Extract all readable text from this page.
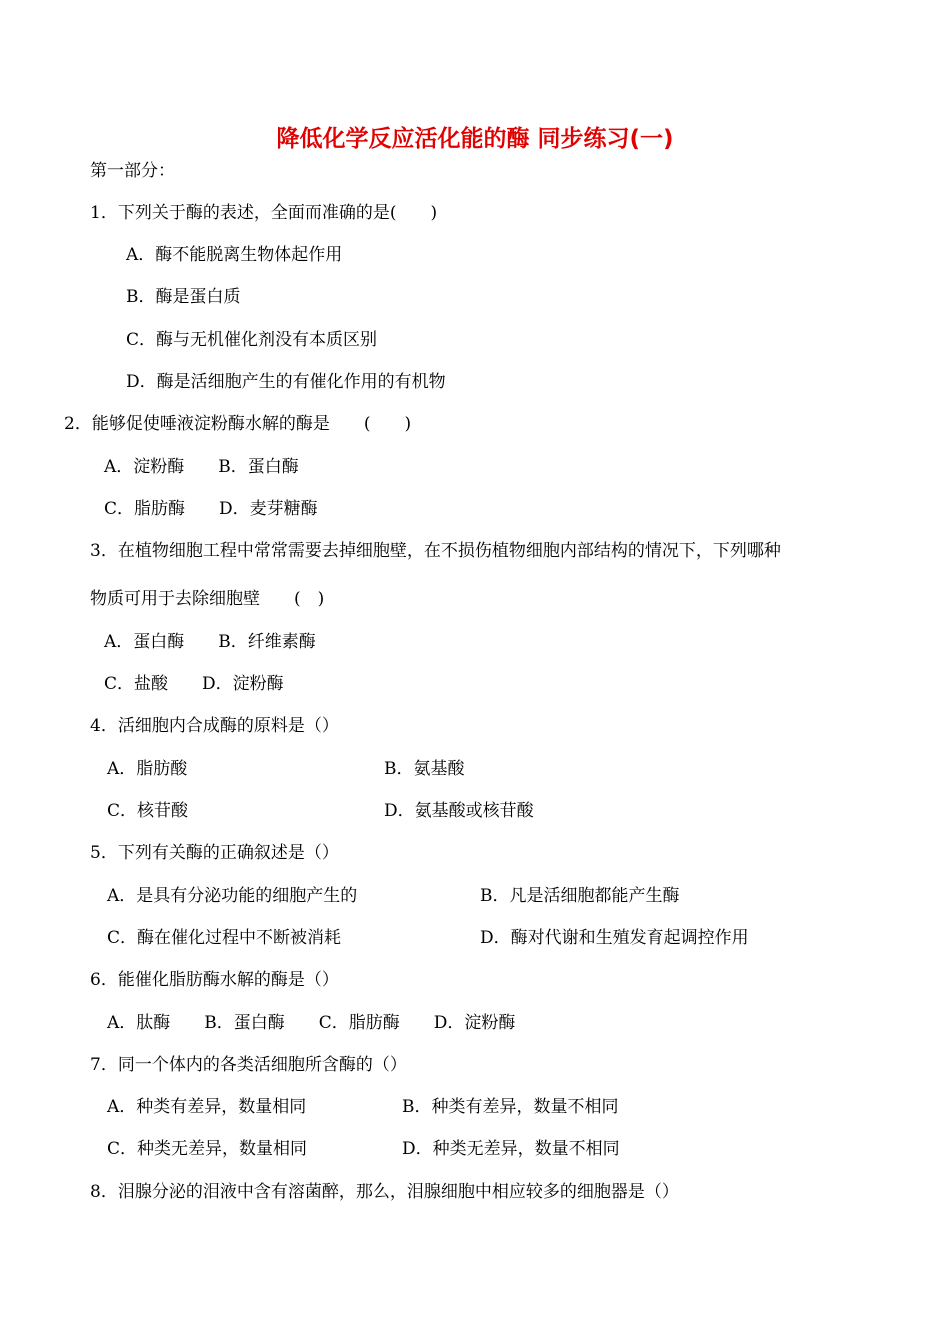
降低化学反应活化能的酶 同步练习(一)
第一部分：
1．下列关于酶的表述，全面而准确的是(　　)
A．酶不能脱离生物体起作用
B．酶是蛋白质
C．酶与无机催化剂没有本质区别
D．酶是活细胞产生的有催化作用的有机物
2．能够促使唾液淀粉酶水解的酶是　　(　　)
A．淀粉酶　　B．蛋白酶
C．脂肪酶　　D．麦芽糖酶
3．在植物细胞工程中常常需要去掉细胞壁，在不损伤植物细胞内部结构的情况下，下列哪种
物质可用于去除细胞壁　　(　)
A．蛋白酶　　B．纤维素酶
C．盐酸　　D．淀粉酶
4．活细胞内合成酶的原料是（）
A．脂肪酸	B．氨基酸
C．核苷酸	D．氨基酸或核苷酸
5．下列有关酶的正确叙述是（）
A．是具有分泌功能的细胞产生的	B．凡是活细胞都能产生酶
C．酶在催化过程中不断被消耗	D．酶对代谢和生殖发育起调控作用
6．能催化脂肪酶水解的酶是（）
A．肽酶　　B．蛋白酶　　C．脂肪酶　　D．淀粉酶
7．同一个体内的各类活细胞所含酶的（）
A．种类有差异，数量相同	B．种类有差异，数量不相同
C．种类无差异，数量相同	D．种类无差异，数量不相同
8．泪腺分泌的泪液中含有溶菌醉，那么，泪腺细胞中相应较多的细胞器是（）
